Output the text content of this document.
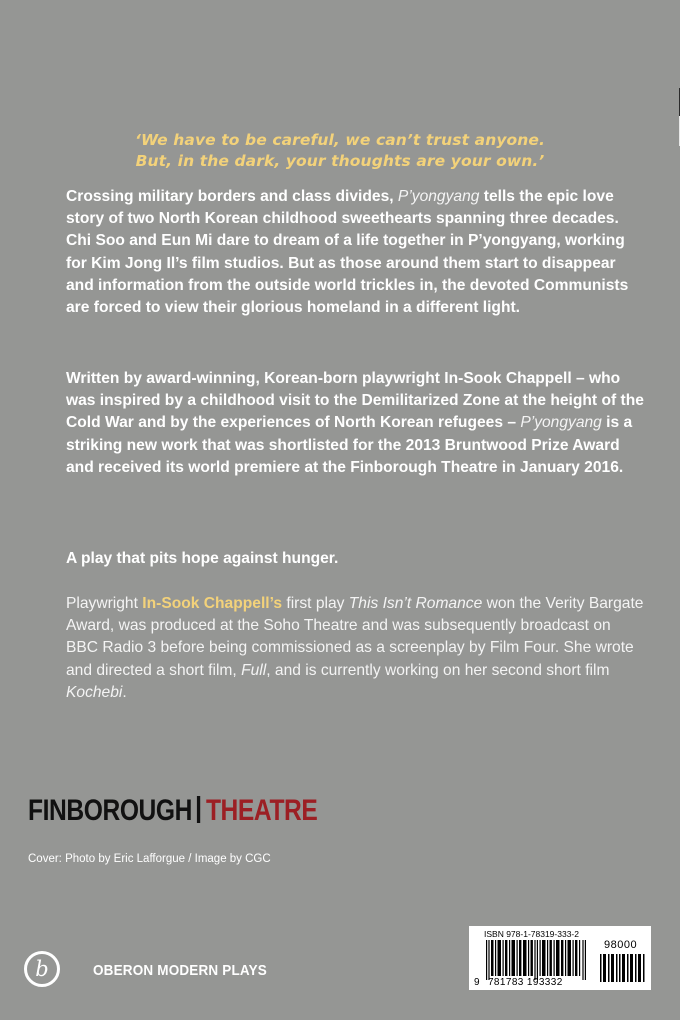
‘We have to be careful, we can’t trust anyone.
But, in the dark, your thoughts are your own.’
Crossing military borders and class divides, P’yongyang tells the epic love story of two North Korean childhood sweethearts spanning three decades. Chi Soo and Eun Mi dare to dream of a life together in P’yongyang, working for Kim Jong Il’s film studios. But as those around them start to disappear and information from the outside world trickles in, the devoted Communists are forced to view their glorious homeland in a different light.
Written by award-winning, Korean-born playwright In-Sook Chappell – who was inspired by a childhood visit to the Demilitarized Zone at the height of the Cold War and by the experiences of North Korean refugees – P’yongyang is a striking new work that was shortlisted for the 2013 Bruntwood Prize Award and received its world premiere at the Finborough Theatre in January 2016.
A play that pits hope against hunger.
Playwright In-Sook Chappell’s first play This Isn’t Romance won the Verity Bargate Award, was produced at the Soho Theatre and was subsequently broadcast on BBC Radio 3 before being commissioned as a screenplay by Film Four. She wrote and directed a short film, Full, and is currently working on her second short film Kochebi.
FINBOROUGH THEATRE
Cover: Photo by Eric Lafforgue / Image by CGC
b	OBERON MODERN PLAYS
ISBN 978-1-78319-333-2
98000
9 781783 193332
